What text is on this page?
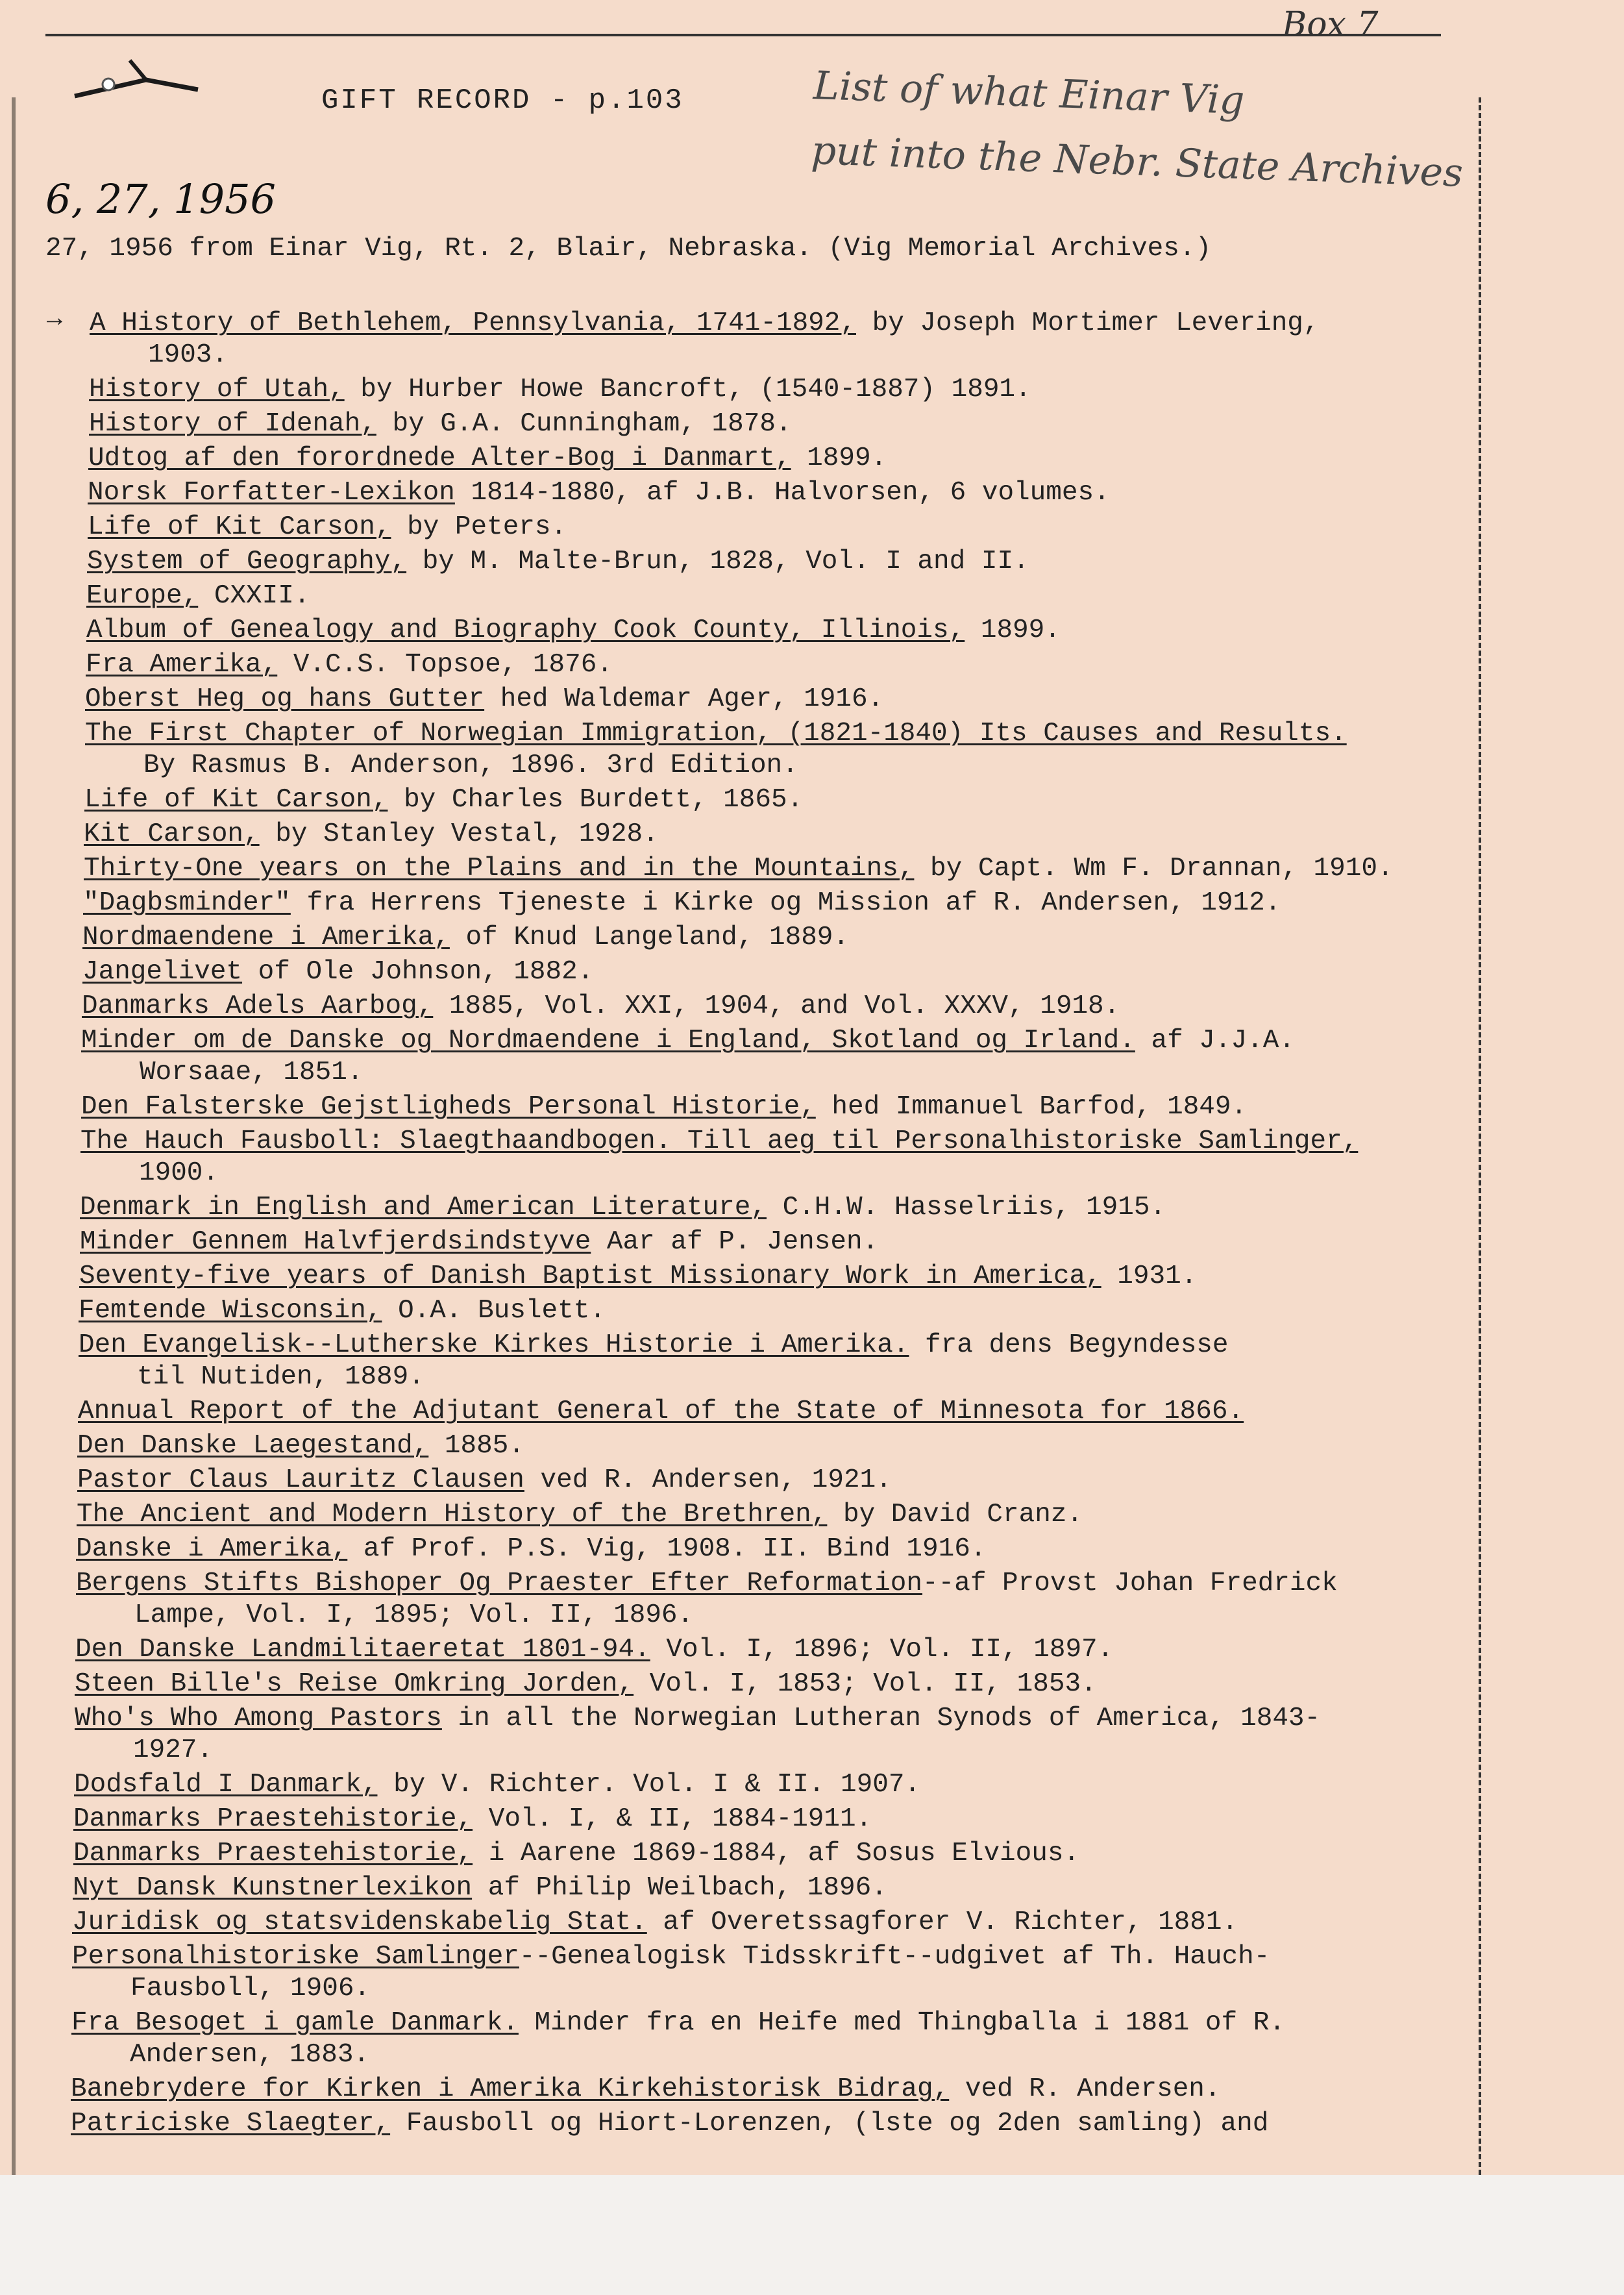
Box 7
List of what Einar Vig
put into the Nebr. State Archives
GIFT RECORD - p.103
6, 27, 1956
27, 1956 from Einar Vig, Rt. 2, Blair, Nebraska. (Vig Memorial Archives.)
→ A History of Bethlehem, Pennsylvania, 1741-1892, by Joseph Mortimer Levering,
1903.
History of Utah, by Hurber Howe Bancroft, (1540-1887) 1891.
History of Idenah, by G.A. Cunningham, 1878.
Udtog af den forordnede Alter-Bog i Danmart, 1899.
Norsk Forfatter-Lexikon 1814-1880, af J.B. Halvorsen, 6 volumes.
Life of Kit Carson, by Peters.
System of Geography, by M. Malte-Brun, 1828, Vol. I and II.
Europe, CXXII.
Album of Genealogy and Biography Cook County, Illinois, 1899.
Fra Amerika, V.C.S. Topsoe, 1876.
Oberst Heg og hans Gutter hed Waldemar Ager, 1916.
The First Chapter of Norwegian Immigration, (1821-1840) Its Causes and Results.
By Rasmus B. Anderson, 1896. 3rd Edition.
Life of Kit Carson, by Charles Burdett, 1865.
Kit Carson, by Stanley Vestal, 1928.
Thirty-One years on the Plains and in the Mountains, by Capt. Wm F. Drannan, 1910.
"Dagbsminder" fra Herrens Tjeneste i Kirke og Mission af R. Andersen, 1912.
Nordmaendene i Amerika, of Knud Langeland, 1889.
Jangelivet of Ole Johnson, 1882.
Danmarks Adels Aarbog, 1885, Vol. XXI, 1904, and Vol. XXXV, 1918.
Minder om de Danske og Nordmaendene i England, Skotland og Irland. af J.J.A.
Worsaae, 1851.
Den Falsterske Gejstligheds Personal Historie, hed Immanuel Barfod, 1849.
The Hauch Fausboll: Slaegthaandbogen. Till aeg til Personalhistoriske Samlinger,
1900.
Denmark in English and American Literature, C.H.W. Hasselriis, 1915.
Minder Gennem Halvfjerdsindstyve Aar af P. Jensen.
Seventy-five years of Danish Baptist Missionary Work in America, 1931.
Femtende Wisconsin, O.A. Buslett.
Den Evangelisk--Lutherske Kirkes Historie i Amerika. fra dens Begyndesse
til Nutiden, 1889.
Annual Report of the Adjutant General of the State of Minnesota for 1866.
Den Danske Laegestand, 1885.
Pastor Claus Lauritz Clausen ved R. Andersen, 1921.
The Ancient and Modern History of the Brethren, by David Cranz.
Danske i Amerika, af Prof. P.S. Vig, 1908. II. Bind 1916.
Bergens Stifts Bishoper Og Praester Efter Reformation--af Provst Johan Fredrick
Lampe, Vol. I, 1895; Vol. II, 1896.
Den Danske Landmilitaeretat 1801-94. Vol. I, 1896; Vol. II, 1897.
Steen Bille's Reise Omkring Jorden, Vol. I, 1853; Vol. II, 1853.
Who's Who Among Pastors in all the Norwegian Lutheran Synods of America, 1843-
1927.
Dodsfald I Danmark, by V. Richter. Vol. I & II. 1907.
Danmarks Praestehistorie, Vol. I, & II, 1884-1911.
Danmarks Praestehistorie, i Aarene 1869-1884, af Sosus Elvious.
Nyt Dansk Kunstnerlexikon af Philip Weilbach, 1896.
Juridisk og statsvidenskabelig Stat. af Overetssagforer V. Richter, 1881.
Personalhistoriske Samlinger--Genealogisk Tidsskrift--udgivet af Th. Hauch-
Fausboll, 1906.
Fra Besoget i gamle Danmark. Minder fra en Heife med Thingballa i 1881 of R.
Andersen, 1883.
Banebrydere for Kirken i Amerika Kirkehistorisk Bidrag, ved R. Andersen.
Patriciske Slaegter, Fausboll og Hiort-Lorenzen, (lste og 2den samling) and
